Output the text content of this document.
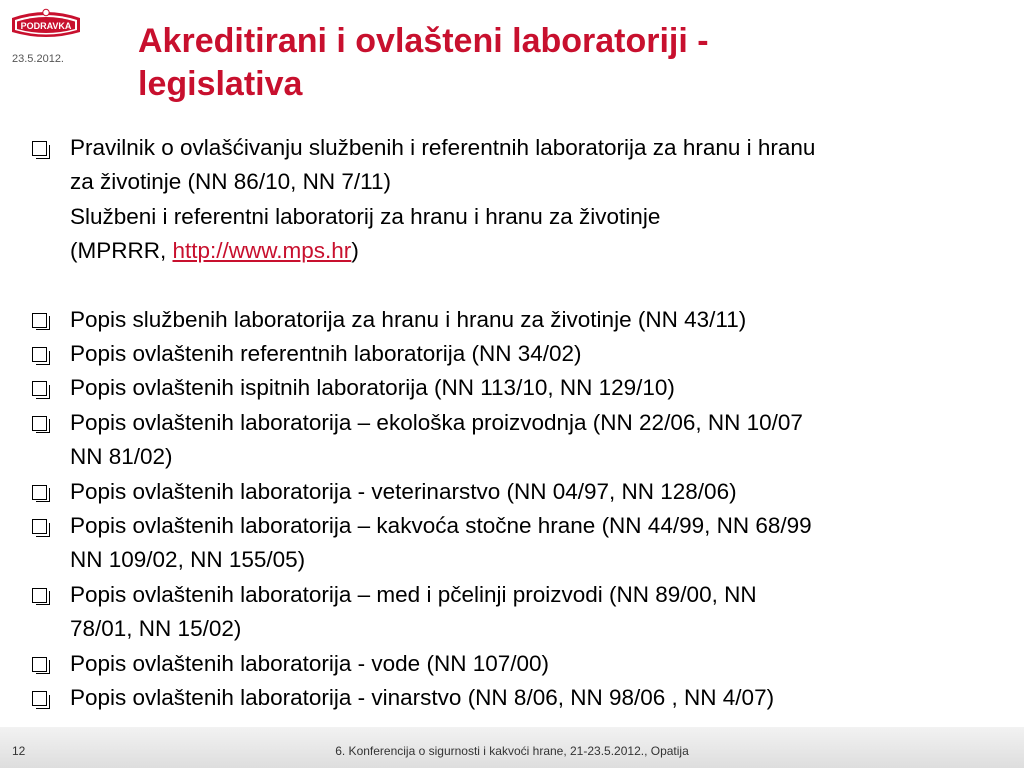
PODRAVKA
23.5.2012. Akreditirani i ovlašteni laboratoriji -
legislativa
Pravilnik o ovlašćivanju službenih i referentnih laboratorija za hranu i hranu
za životinje (NN 86/10, NN 7/11)
Službeni i referentni laboratorij za hranu i hranu za životinje
(MPRRR, http://www.mps.hr)
Popis službenih laboratorija za hranu i hranu za životinje (NN 43/11)
Popis ovlaštenih referentnih laboratorija (NN 34/02)
Popis ovlaštenih ispitnih laboratorija (NN 113/10, NN 129/10)
Popis ovlaštenih laboratorija – ekološka proizvodnja (NN 22/06, NN 10/07
NN 81/02)
Popis ovlaštenih laboratorija - veterinarstvo (NN 04/97, NN 128/06)
Popis ovlaštenih laboratorija – kakvoća stočne hrane (NN 44/99, NN 68/99
NN 109/02, NN 155/05)
Popis ovlaštenih laboratorija – med i pčelinji proizvodi (NN 89/00, NN
78/01, NN 15/02)
Popis ovlaštenih laboratorija - vode (NN 107/00)
Popis ovlaštenih laboratorija - vinarstvo (NN 8/06, NN 98/06 , NN 4/07)
12	6. Konferencija o sigurnosti i kakvoći hrane, 21-23.5.2012., Opatija
